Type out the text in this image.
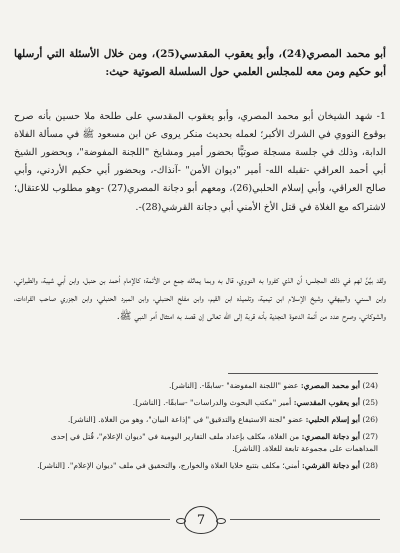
أبو محمد المصري(24)، وأبو يعقوب المقدسي(25)، ومن خلال الأسئلة التي أرسلها أبو حكيم ومن معه للمجلس العلمي حول السلسلة الصوتية حيث:

1- شهد الشيخان أبو محمد المصري، وأبو يعقوب المقدسي على طلحة ملا حسين بأنه صرح بوقوع النووي في الشرك الأكبر؛ لعمله بحديث منكر يروى عن ابن مسعود ﷺ في مسألة الفلاة الدابة، وذلك في جلسة مسجلة صوتيًّا بحضور أمير ومشايخ "اللجنة المفوضة"، وبحضور الشيخ أبي أحمد العراقي -تقبله الله- أمير "ديوان الأمن" -آنذاك-، وبحضور أبي حكيم الأردني، وأبي صالح العراقي، وأبي إسلام الحلبي(26)، ومعهم أبو دجانة المصري(27) -وهو مطلوب للاعتقال؛ لاشتراكه مع الغلاة في قتل الأخ الأمني أبي دجانة القرشي(28)-.

ولقد بيَّنَّ لهم في ذلك المجلس؛ أن الذي كفروا به النووي، قال به وبما يماثله جمع من الأئمة؛ كالإمام أحمد بن حنبل، وابن أبي شيبة، والطبراني، وابن السني، والبيهقي، وشيخ الإسلام ابن تيمية، وتلميذه ابن القيم، وابن مفلح الحنبلي، وابن المبرد الحنبلي، وابن الجزري صاحب القراءات، والشوكاني، وصرح عدد من أئمة الدعوة النجدية بأنه قربة إلى الله تعالى إن قصد به امتثال أمر النبي ﷺ.

(24) أبو محمد المصري: عضو "اللجنة المفوضة" -سابقًا-. [الناشر].

(25) أبو يعقوب المقدسي: أمير "مكتب البحوث والدراسات" -سابقًا-. [الناشر].

(26) أبو إسلام الحلبي: عضو "لجنة الاستيفاع والتدقيق" في "إذاعة البيان"، وهو من الغلاة. [الناشر].

(27) أبو دجانة المصري: من الغلاة، مكلف بإعداد ملف التقارير اليومية في "ديوان الإعلام"، قُتل في إحدى المداهمات على مجموعة تابعة للغلاة. [الناشر].

(28) أبو دجانة القرشي: أمني؛ مكلف بتتبع خلايا الغلاة والخوارج، والتحقيق في ملف "ديوان الإعلام". [الناشر].

7
